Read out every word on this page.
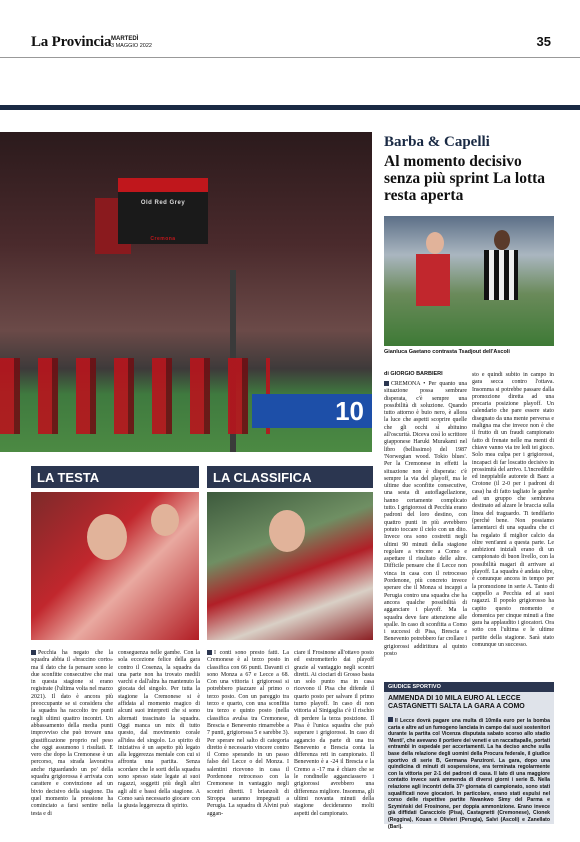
La Provincia MARTEDÌ
3 MAGGIO 2022	35
Old Red Grey
Cremona
10
LA TESTA	LA CLASSIFICA

Pecchia ha negato che la squadra abbia il «braccino corto» ma il dato che fa pensare sono le due sconfitte consecutive che mai in questa stagione si erano registrate (l'ultima volta nel marzo 2021). Il dato è ancora più preoccupante se si considera che la squadra ha raccolto tre punti negli ultimi quattro incontri. Un abbassamento della media punti improvviso che può trovare una giustificazione proprio nel peso che oggi assumono i risultati. E vero che dopo la Cremonese è un percorso, ma strada lavorativa anche riguardando un po' della squadra grigiorossa è arrivata con carattere e convinzione ad un bivio decisivo della stagione. Da quel momento la pressione ha cominciato a farsi sentire nella testa e di

conseguenza nelle gambe. Con la sola eccezione felice della gara contro il Cosenza, la squadra da una parte non ha trovato medili varchi e dall'altra ha mantenuto la giocata del singolo. Per tutta la stagione la Cremonese si è affidata al momento magico di alcuni suoi interpreti che si sono alternati trascinato la squadra. Oggi manca un mix di tutto questo, dal movimento corale all'idea del singolo. Lo spirito di iniziativa è un aspetto più legato alla leggerezza mentale con cui si affronta una partita. Senza scordare che le sorti della squadra sono spesso state legate ai suoi ragazzi, soggetti più degli altri agli alti e bassi della stagione. A Como sarà necessario giocare con la giusta leggerezza di spirito.

I conti sono presto fatti. La Cremonese è al terzo posto in classifica con 66 punti. Davanti ci sono Monza a 67 e Lecce a 68. Con una vittoria i grigiorossi si potrebbero piazzare al primo o terzo posto. Con un pareggio tra terzo e quarto, con una sconfitta tra terzo e quinto posto (nella classifica avulsa tra Cremonese, Brescia e Benevento rimarrebbe a 7 punti, grigiorossa 5 e sarebbe 3). Per sperare nel salto di categoria diretto è necessario vincere contro il Como sperando in un passo falso del Lecce o del Monza. I salentini ricevono in casa il Pordenone retrocesso con la Cremonese in vantaggio negli scontri diretti. I brianzoli di Stroppa saranno impegnati a Perugia. La squadra di Alvini può aggan-

ciare il Frosinone all'ottavo posto ed estrometterlo dai playoff grazie al vantaggio negli scontri diretti. Ai ciociari di Grosso basta un solo punto ma in casa ricevono il Pisa che difende il quarto posto per salvare il primo turno playoff. In caso di non vittoria al Sinigaglia c'è il rischio di perdere la terza posizione. Il Pisa è l'unica squadra che può superare i grigiorossi. In caso di aggancio da parte di una tra Benevento e Brescia conta la differenza reti in campionato. Il Benevento è a -24 il Brescia e la Cremo a -17 ma è chiaro che se le rondinelle agganciassero i grigiorossi avrebbero una differenza migliore. Insomma, gli ultimi novanta minuti della stagione decideranno molti aspetti del campionato.

Barba & Capelli
Al momento decisivo senza più sprint La lotta resta aperta
Gianluca Gaetano contrasta Tsadjout dell'Ascoli
di GIORGIO BARBIERI

CREMONA • Per quanto una situazione possa sembrare disperata, c'è sempre una possibilità di soluzione. Quando tutto attorno è buio nero, è allora la luce che aspetti scoprire quelle che gli occhi sì abituino all'oscurità. Diceva così lo scrittore giapponese Haruki Murakami nel libro (bellissimo) del 1987 'Norwegian wood. Tokio blues'. Per la Cremonese in effetti la situazione non è disperata: c'è sempre la via del playoff, ma le ultime due sconfitte consecutive, una sesta di autoflagellazione, hanno certamente complicato tutto. I grigiorossi di Pecchia erano padroni del loro destino, con quattro punti in più avrebbero potuto toccare il cielo con un dito. Invece ora sono costretti negli ultimi 90 minuti della stagione regolare a vincere a Como e aspettare il risultato delle altre. Difficile pensare che il Lecce non vinca in casa con il retrocesso Pordenone, più concreto invece sperare che il Monza si incappi a Perugia contro una squadra che ha ancora qualche possibilità di agganciare i playoff. Ma la squadra deve fare attenzione alle spalle. In caso di sconfitta a Como i successi di Pisa, Brescia e Benevento potrebbero far crollare i grigiorossi addirittura al quinto posto

sto e quindi subito in campo in gara secca contro l'ottava. Insomma si potrebbe passare dalla promozione diretta ad una precaria posizione playoff. Un calendario che pare essere stato disegnato da una mente perversa e maligna ma che invece non è che il frutto di un fraudi campionato fatto di frenate nelle ma menti di chiave vanno via tre ledi tei gioco. Solo mea culpa per i grigiorossi, incapaci di far loscatto decisivo in prossimità del arrivo. L'incredibile ed ineppiabile autorete di Baez a Crotone (il 2-0 per i padroni di casa) ha di fatto tagliato le gambe ad un gruppo che sembrava destinato ad alzare le braccia sulla linea del traguardo. Ti tendilario (perché bene. Non possiamo lamentarci di una squadra che ci ha regalato il miglior calcio da oltre vent'anni a questa parte. Le ambizioni iniziali erano di un campionato di buon livello, con la possibilità magari di arrivare ai playoff. La squadra è andata oltre, è comunque ancora in tempo per la promozione in serie A. Tanto di cappello a Pecchia ed ai suoi ragazzi. Il popolo grigiorosso ha capito questo momento e domenica per cinque minuti a fine gara ha applaudito i giocatori. Ora sotto con l'ultima e le ultime partite della stagione. Sarà stato comunque un successo.

GIUDICE SPORTIVO
AMMENDA DI 10 MILA EURO AL LECCE CASTAGNETTI SALTA LA GARA A COMO
Il Lecce dovrà pagare una multa di 10mila euro per la bomba carta e altre ad un fumogeno lanciata in campo dai suoi sostenitori durante la partita col Vicenza disputata sabato scorso allo stadio 'Menti', che avevano il portiere dei veneti e un raccattapalle, portati entrambi in ospedale per accertamenti. La ha deciso anche sulla base della relazione degli uomini della Procura federale, il giudice sportivo di serie B, Germana Panzironi. La gara, dopo una quindicina di minuti di sospensione, era terminata regolarmente con la vittoria per 2-1 dei padroni di casa. Il lato di una maggiore contatto invece sarà ammenda di diversi giorni i serie B. Nella relazione agli incontri della 37ª giornata di campionato, sono stati squalificati nove giocatori. In particolare, erano stati espulsi nel corso delle rispettive partite Nwankwo Simy del Parma e Szymiński del Frosinone, per doppia ammonizione. Erano invece già diffidati Caracciolo (Pisa), Castagnetti (Cremonese), Cionek (Reggina), Kouan e Olivieri (Perugia), Salvi (Ascoli) e Zanellato (Bari).
